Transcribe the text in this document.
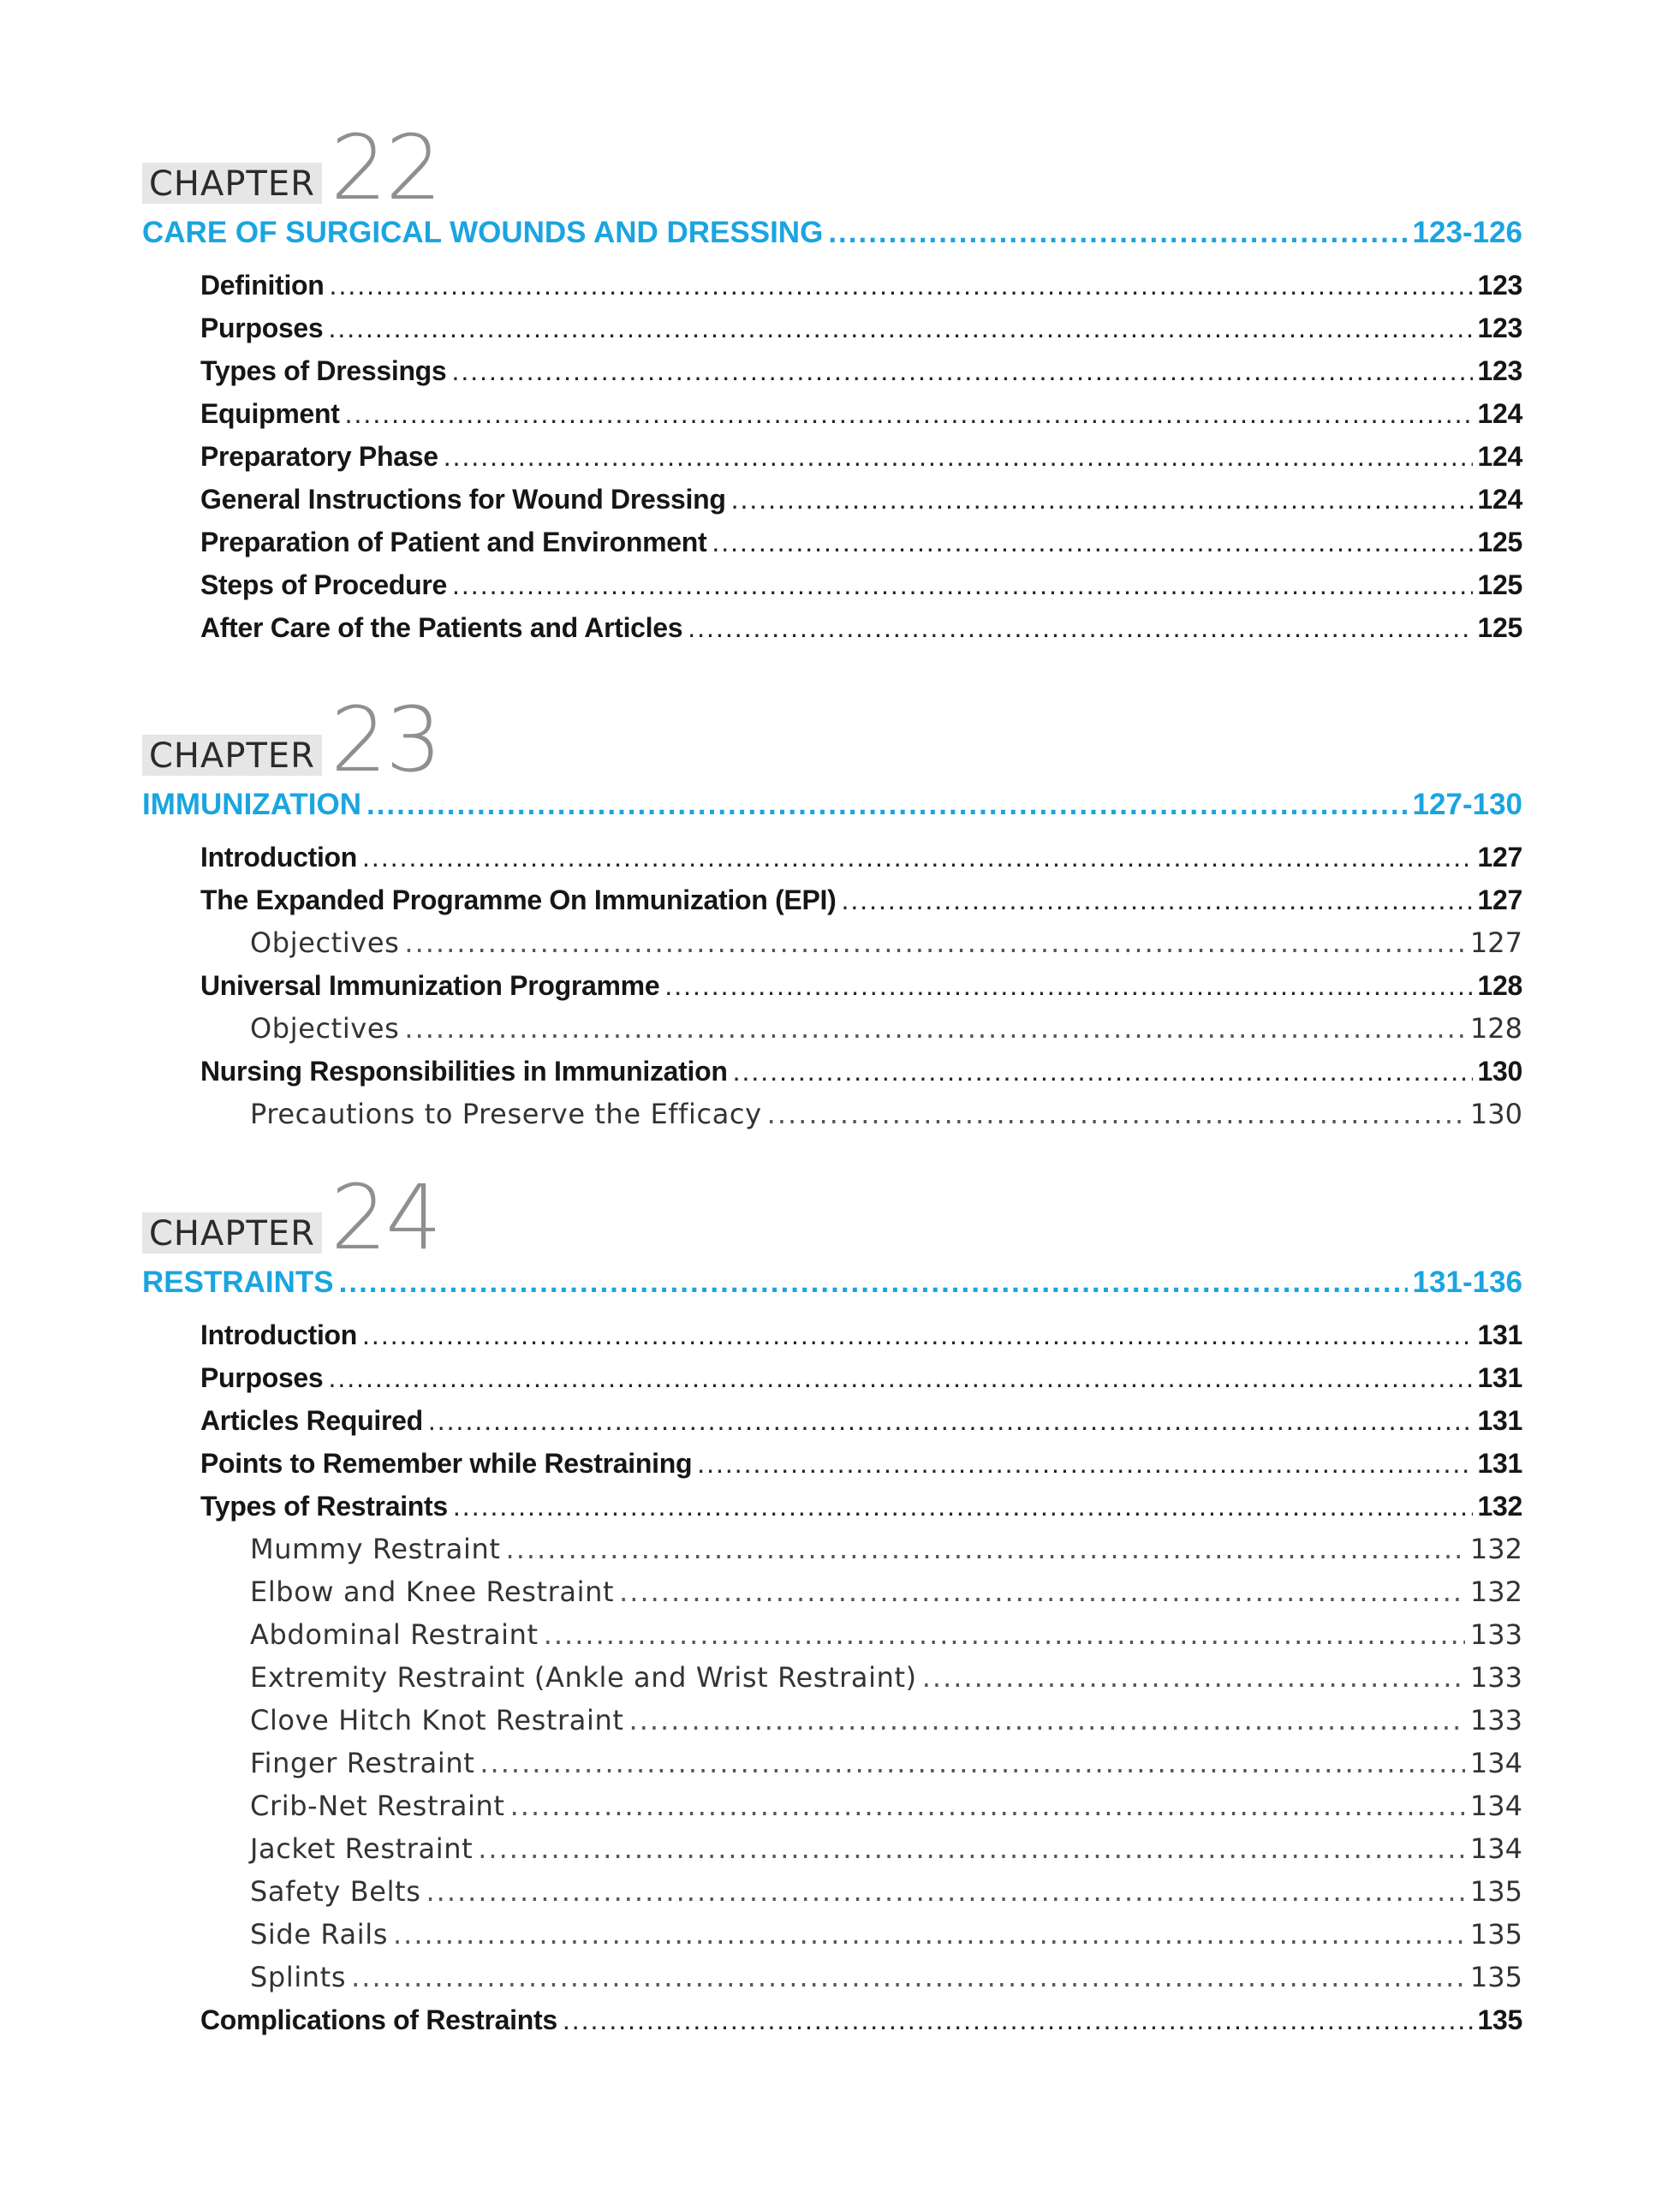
CHAPTER 22
CARE OF SURGICAL WOUNDS AND DRESSING .....	123-126
Definition .....	123
Purposes .....	123
Types of Dressings .....	123
Equipment .....	124
Preparatory Phase .....	124
General Instructions for Wound Dressing .....	124
Preparation of Patient and Environment .....	125
Steps of Procedure .....	125
After Care of the Patients and Articles .....	125
CHAPTER 23
IMMUNIZATION .....	127-130
Introduction .....	127
The Expanded Programme On Immunization (EPI) .....	127
Objectives .....	127
Universal Immunization Programme .....	128
Objectives .....	128
Nursing Responsibilities in Immunization .....	130
Precautions to Preserve the Efficacy .....	130
CHAPTER 24
RESTRAINTS .....	131-136
Introduction .....	131
Purposes .....	131
Articles Required .....	131
Points to Remember while Restraining .....	131
Types of Restraints .....	132
Mummy Restraint .....	132
Elbow and Knee Restraint .....	132
Abdominal Restraint .....	133
Extremity Restraint (Ankle and Wrist Restraint) .....	133
Clove Hitch Knot Restraint .....	133
Finger Restraint .....	134
Crib-Net Restraint .....	134
Jacket Restraint .....	134
Safety Belts .....	135
Side Rails .....	135
Splints .....	135
Complications of Restraints .....	135
